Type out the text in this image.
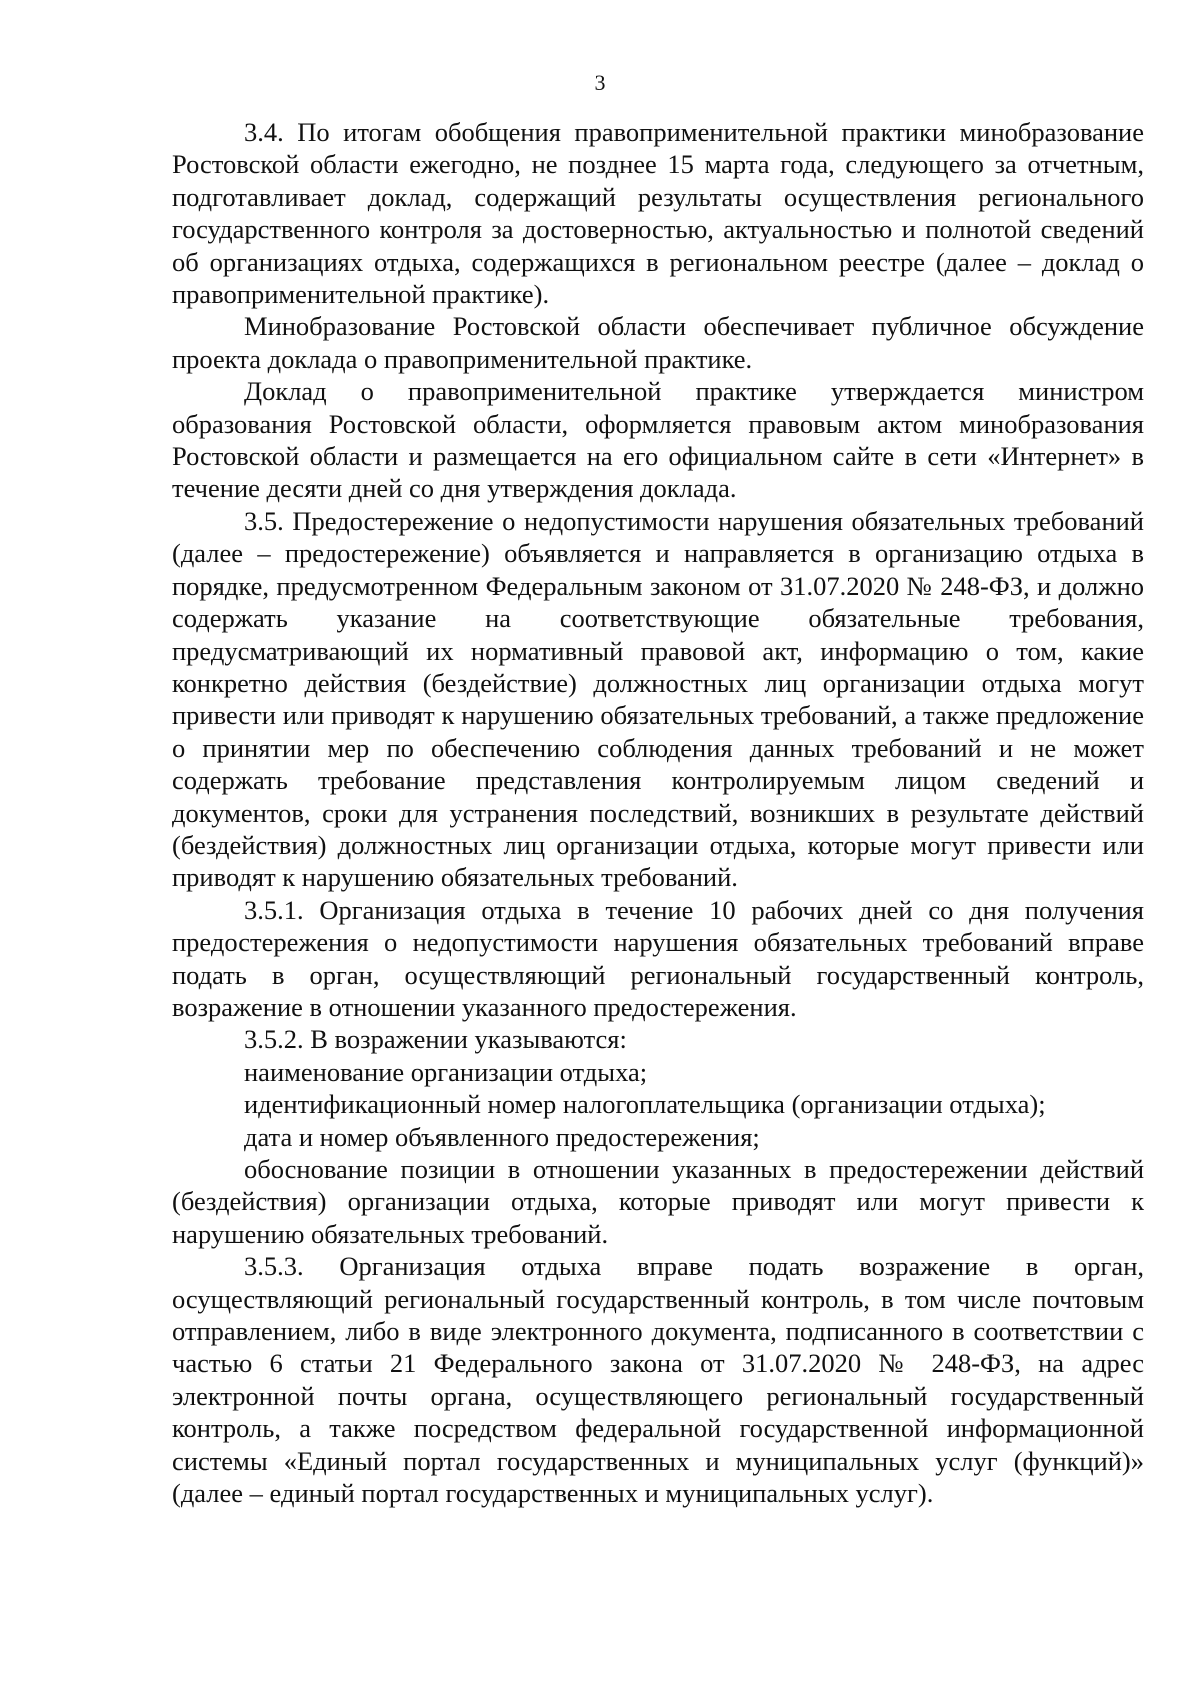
3

3.4. По итогам обобщения правоприменительной практики минобразование Ростовской области ежегодно, не позднее 15 марта года, следующего за отчетным, подготавливает доклад, содержащий результаты осуществления регионального государственного контроля за достоверностью, актуальностью и полнотой сведений об организациях отдыха, содержащихся в региональном реестре (далее – доклад о правоприменительной практике).

Минобразование Ростовской области обеспечивает публичное обсуждение проекта доклада о правоприменительной практике.

Доклад о правоприменительной практике утверждается министром образования Ростовской области, оформляется правовым актом минобразования Ростовской области и размещается на его официальном сайте в сети «Интернет» в течение десяти дней со дня утверждения доклада.

3.5. Предостережение о недопустимости нарушения обязательных требований (далее – предостережение) объявляется и направляется в организацию отдыха в порядке, предусмотренном Федеральным законом от 31.07.2020 № 248-ФЗ, и должно содержать указание на соответствующие обязательные требования, предусматривающий их нормативный правовой акт, информацию о том, какие конкретно действия (бездействие) должностных лиц организации отдыха могут привести или приводят к нарушению обязательных требований, а также предложение о принятии мер по обеспечению соблюдения данных требований и не может содержать требование представления контролируемым лицом сведений и документов, сроки для устранения последствий, возникших в результате действий (бездействия) должностных лиц организации отдыха, которые могут привести или приводят к нарушению обязательных требований.

3.5.1. Организация отдыха в течение 10 рабочих дней со дня получения предостережения о недопустимости нарушения обязательных требований вправе подать в орган, осуществляющий региональный государственный контроль, возражение в отношении указанного предостережения.

3.5.2. В возражении указываются:

наименование организации отдыха;

идентификационный номер налогоплательщика (организации отдыха);

дата и номер объявленного предостережения;

обоснование позиции в отношении указанных в предостережении действий (бездействия) организации отдыха, которые приводят или могут привести к нарушению обязательных требований.

3.5.3. Организация отдыха вправе подать возражение в орган, осуществляющий региональный государственный контроль, в том числе почтовым отправлением, либо в виде электронного документа, подписанного в соответствии с частью 6 статьи 21 Федерального закона от 31.07.2020 № 248-ФЗ, на адрес электронной почты органа, осуществляющего региональный государственный контроль, а также посредством федеральной государственной информационной системы «Единый портал государственных и муниципальных услуг (функций)» (далее – единый портал государственных и муниципальных услуг).
